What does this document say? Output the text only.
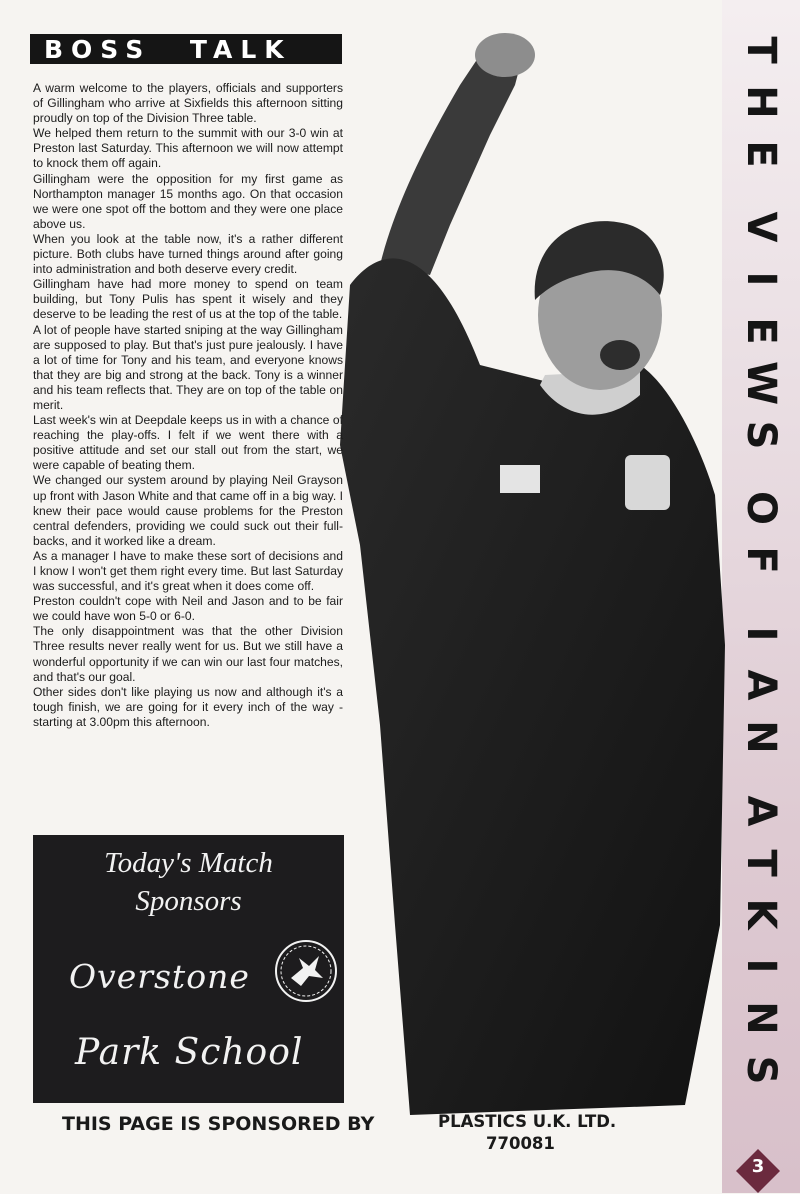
T
H
E
V
I
E
W
S
O
F
I
A
N
A
T
K
I
N
S
BOSS TALK

A warm welcome to the players, officials and supporters of Gillingham who arrive at Sixfields this afternoon sitting proudly on top of the Division Three table.

We helped them return to the summit with our 3-0 win at Preston last Saturday. This afternoon we will now attempt to knock them off again.

Gillingham were the opposition for my first game as Northampton manager 15 months ago. On that occasion we were one spot off the bottom and they were one place above us.

When you look at the table now, it's a rather different picture. Both clubs have turned things around after going into administration and both deserve every credit.

Gillingham have had more money to spend on team building, but Tony Pulis has spent it wisely and they deserve to be leading the rest of us at the top of the table.

A lot of people have started sniping at the way Gillingham are supposed to play. But that's just pure jealously. I have a lot of time for Tony and his team, and everyone knows that they are big and strong at the back. Tony is a winner and his team reflects that. They are on top of the table on merit.

Last week's win at Deepdale keeps us in with a chance of reaching the play-offs. I felt if we went there with a positive attitude and set our stall out from the start, we were capable of beating them.

We changed our system around by playing Neil Grayson up front with Jason White and that came off in a big way. I knew their pace would cause problems for the Preston central defenders, providing we could suck out their full-backs, and it worked like a dream.

As a manager I have to make these sort of decisions and I know I won't get them right every time. But last Saturday was successful, and it's great when it does come off.

Preston couldn't cope with Neil and Jason and to be fair we could have won 5-0 or 6-0.

The only disappointment was that the other Division Three results never really went for us. But we still have a wonderful opportunity if we can win our last four matches, and that's our goal.

Other sides don't like playing us now and although it's a tough finish, we are going for it every inch of the way - starting at 3.00pm this afternoon.

Today's Match
Sponsors
Overstone
Park School
THIS PAGE IS SPONSORED BY	PLASTICS U.K. LTD.
770081
3
